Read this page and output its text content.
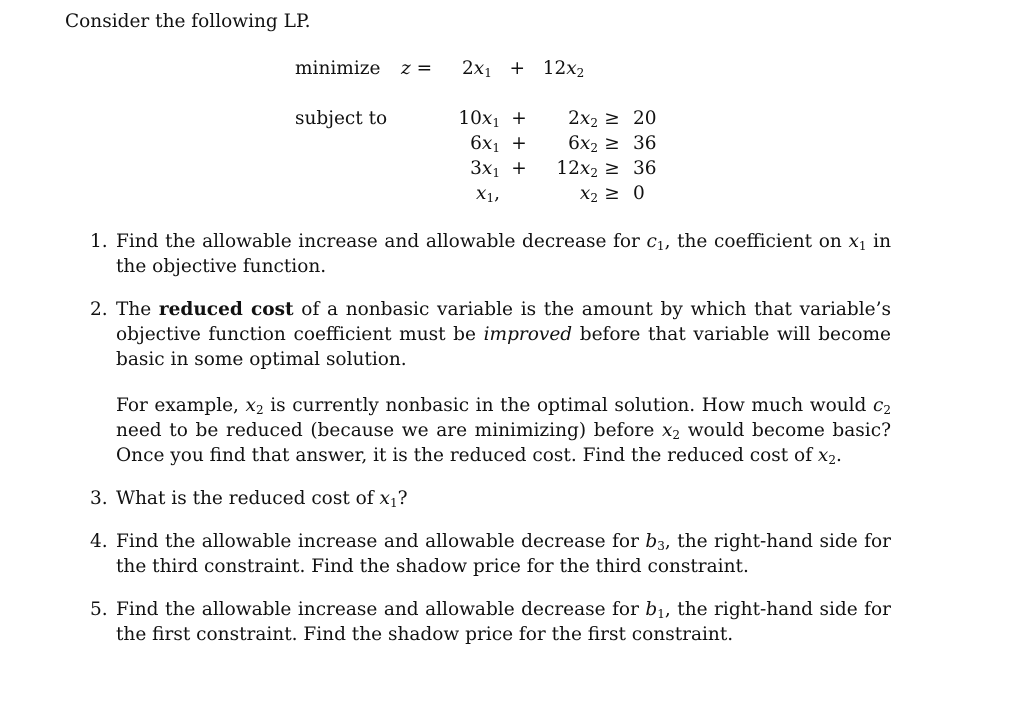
Consider the following LP.
minimize $z = 2x_1 + 12x_2$
subject to	$10x_1$ +	$2x_2 \ge 20$
$6x_1$ +	$6x_2 \ge 36$
$3x_1$ +	$12x_2 \ge 36$
$x_1$,	$x_2 \ge 0$
1. Find the allowable increase and allowable decrease for $c_1$, the coefficient on $x_1$ in the objective function.
2. The reduced cost of a nonbasic variable is the amount by which that variable’s objective function coefficient must be improved before that variable will become basic in some optimal solution.
For example, $x_2$ is currently nonbasic in the optimal solution. How much would $c_2$ need to be reduced (because we are minimizing) before $x_2$ would become basic? Once you find that answer, it is the reduced cost. Find the reduced cost of $x_2$.
3. What is the reduced cost of $x_1$?
4. Find the allowable increase and allowable decrease for $b_3$, the right-hand side for the third constraint. Find the shadow price for the third constraint.
5. Find the allowable increase and allowable decrease for $b_1$, the right-hand side for the first constraint. Find the shadow price for the first constraint.
